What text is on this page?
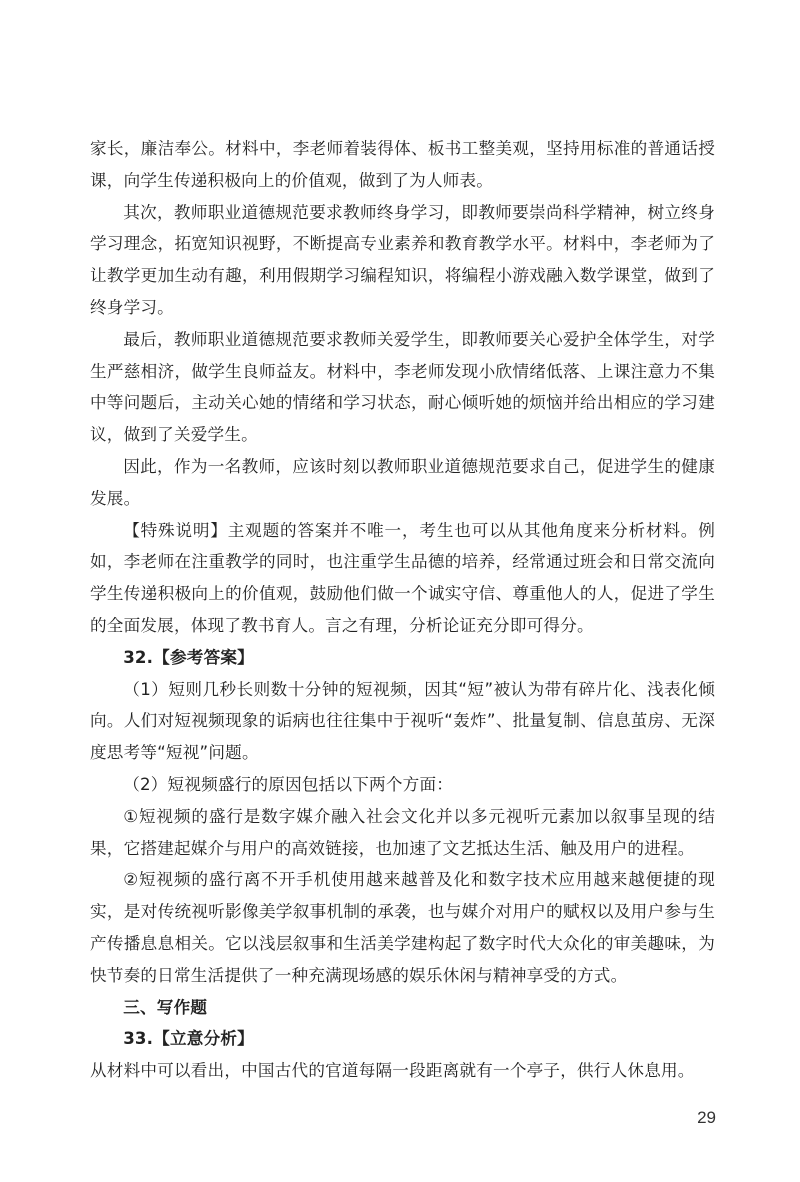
家长，廉洁奉公。材料中，李老师着装得体、板书工整美观，坚持用标准的普通话授课，向学生传递积极向上的价值观，做到了为人师表。

其次，教师职业道德规范要求教师终身学习，即教师要崇尚科学精神，树立终身学习理念，拓宽知识视野，不断提高专业素养和教育教学水平。材料中，李老师为了让教学更加生动有趣，利用假期学习编程知识，将编程小游戏融入数学课堂，做到了终身学习。

最后，教师职业道德规范要求教师关爱学生，即教师要关心爱护全体学生，对学生严慈相济，做学生良师益友。材料中，李老师发现小欣情绪低落、上课注意力不集中等问题后，主动关心她的情绪和学习状态，耐心倾听她的烦恼并给出相应的学习建议，做到了关爱学生。

因此，作为一名教师，应该时刻以教师职业道德规范要求自己，促进学生的健康发展。

【特殊说明】主观题的答案并不唯一，考生也可以从其他角度来分析材料。例如，李老师在注重教学的同时，也注重学生品德的培养，经常通过班会和日常交流向学生传递积极向上的价值观，鼓励他们做一个诚实守信、尊重他人的人，促进了学生的全面发展，体现了教书育人。言之有理，分析论证充分即可得分。

32.【参考答案】

（1）短则几秒长则数十分钟的短视频，因其“短”被认为带有碎片化、浅表化倾向。人们对短视频现象的诟病也往往集中于视听“轰炸”、批量复制、信息茧房、无深度思考等“短视”问题。

（2）短视频盛行的原因包括以下两个方面：

①短视频的盛行是数字媒介融入社会文化并以多元视听元素加以叙事呈现的结果，它搭建起媒介与用户的高效链接，也加速了文艺抵达生活、触及用户的进程。

②短视频的盛行离不开手机使用越来越普及化和数字技术应用越来越便捷的现实，是对传统视听影像美学叙事机制的承袭，也与媒介对用户的赋权以及用户参与生产传播息息相关。它以浅层叙事和生活美学建构起了数字时代大众化的审美趣味，为快节奏的日常生活提供了一种充满现场感的娱乐休闲与精神享受的方式。

三、写作题

33.【立意分析】

从材料中可以看出，中国古代的官道每隔一段距离就有一个亭子，供行人休息用。

29
